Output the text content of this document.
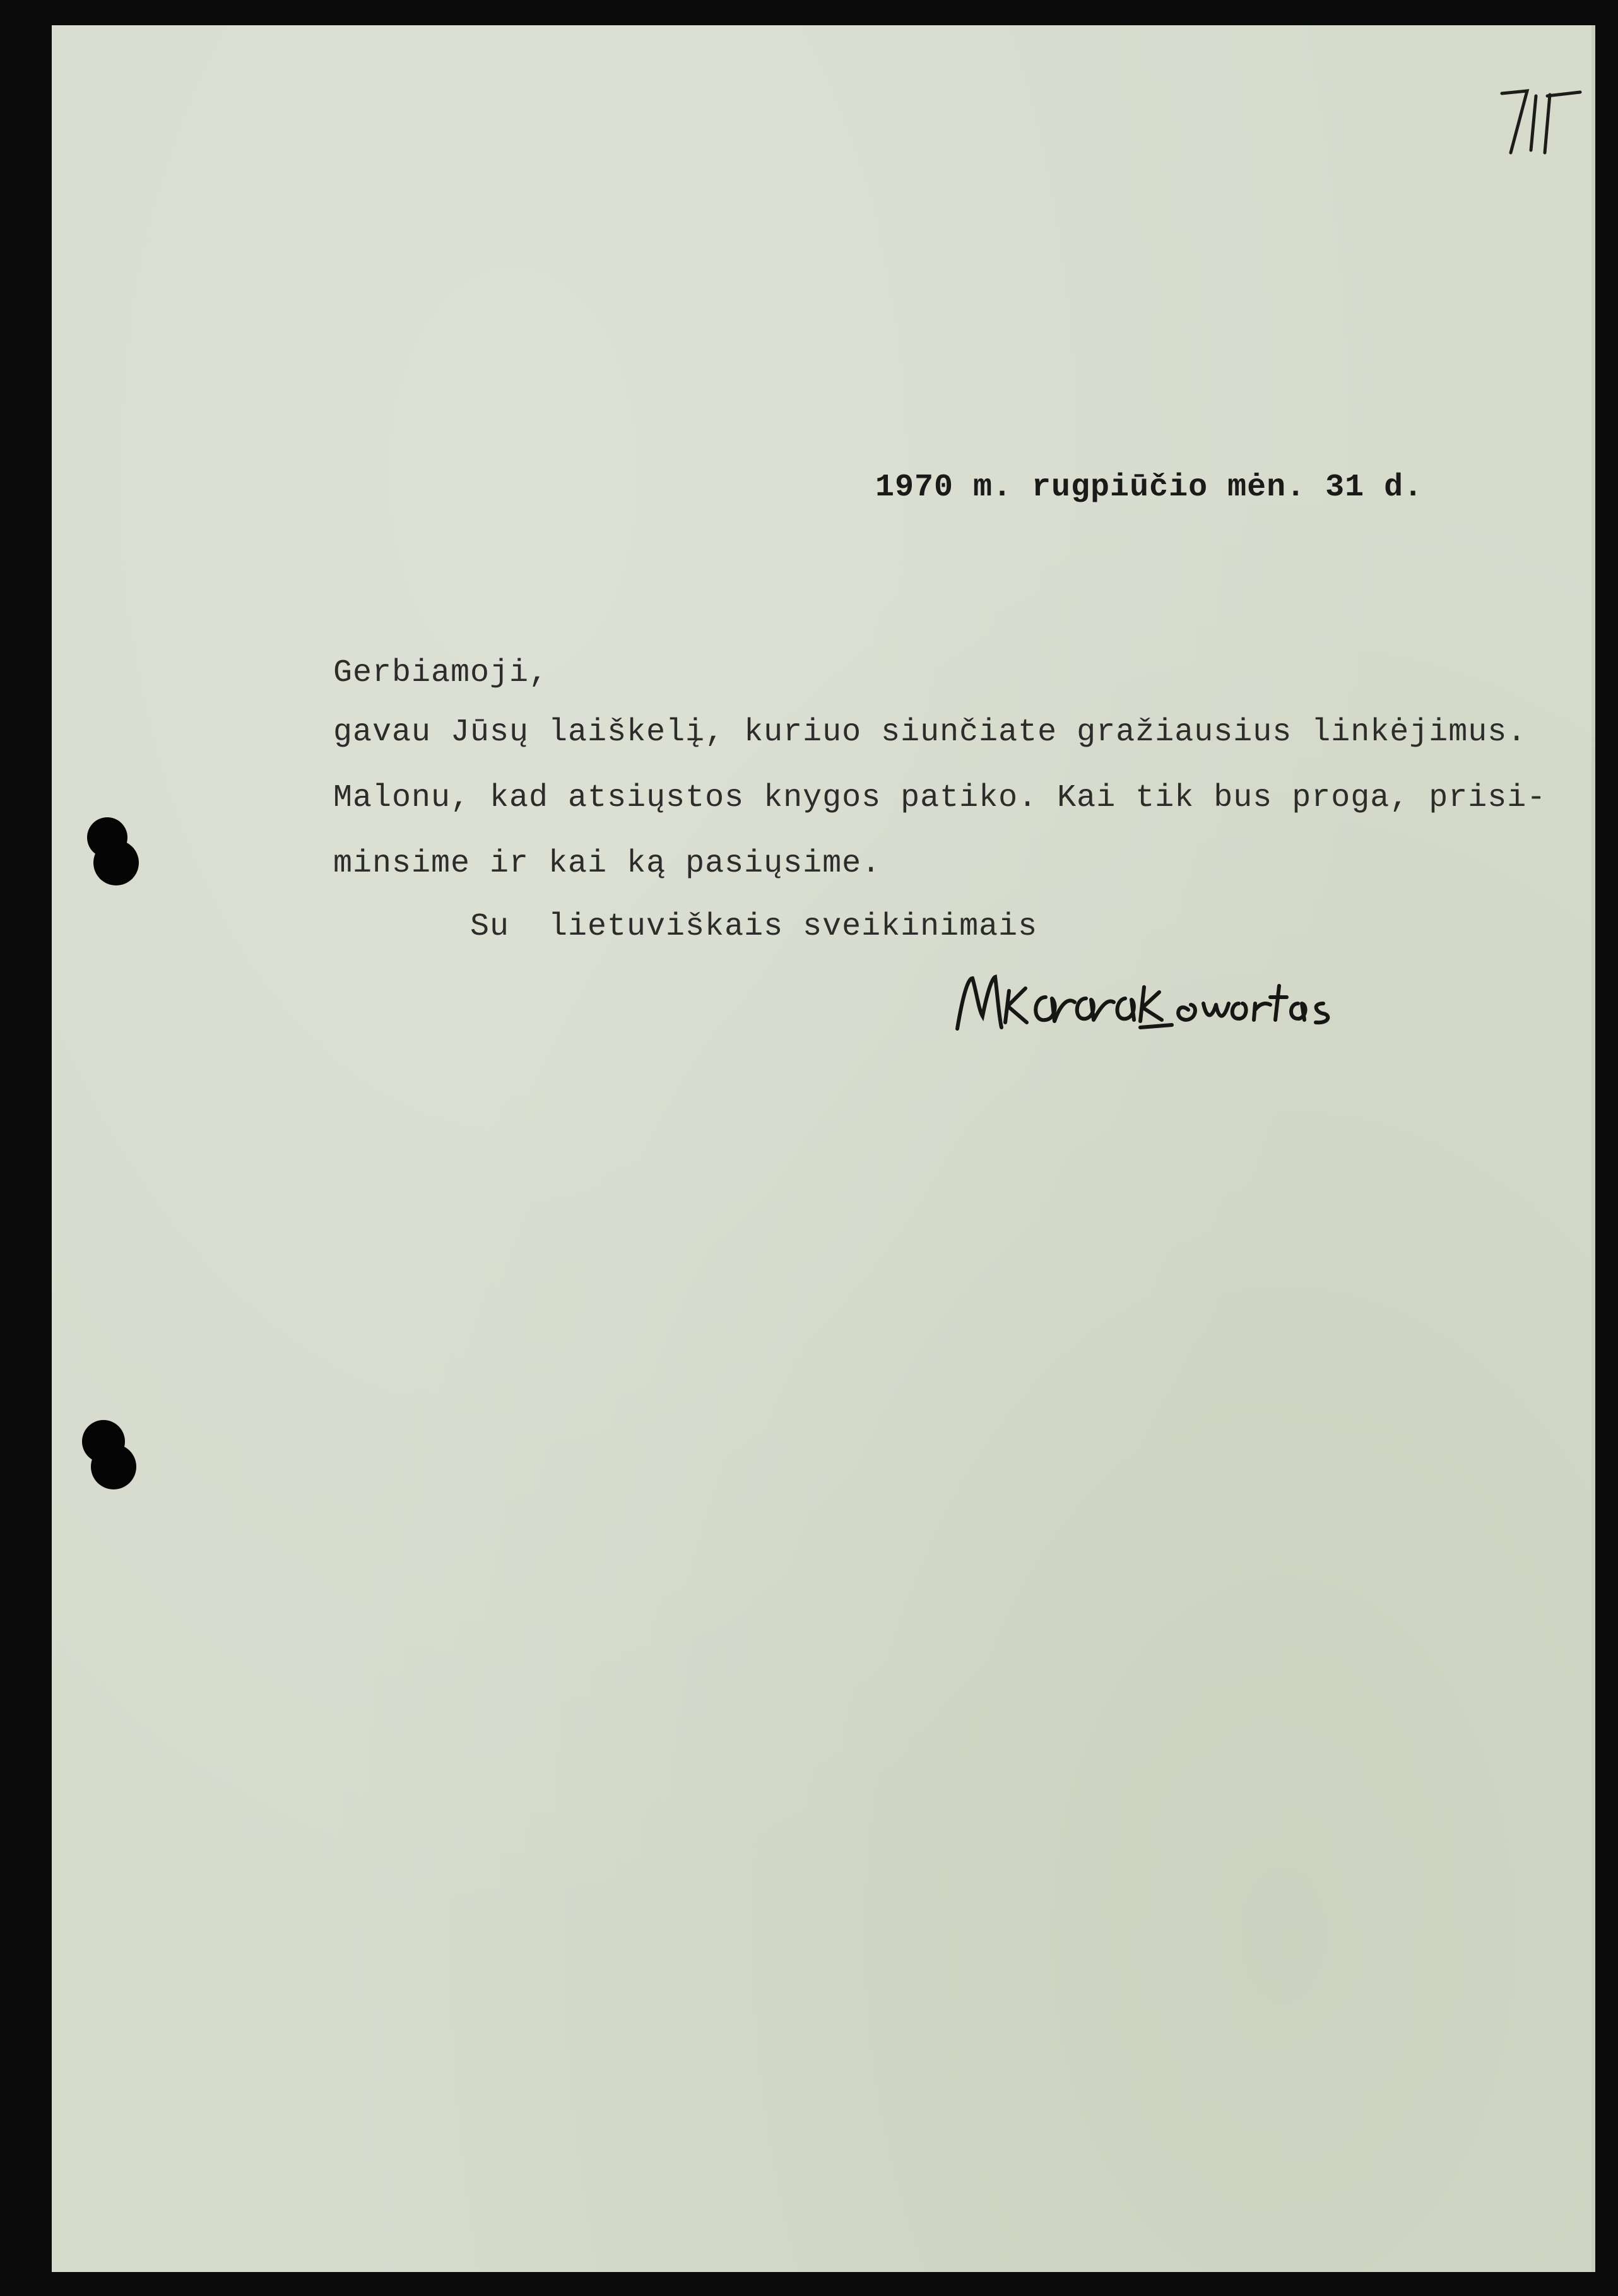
1970 m. rugpiūčio mėn. 31 d.
Gerbiamoji,
gavau Jūsų laiškelį, kuriuo siunčiate gražiausius linkėjimus.
Malonu, kad atsiųstos knygos patiko. Kai tik bus proga, prisi-
minsime ir kai ką pasiųsime.
Su  lietuviškais sveikinimais
